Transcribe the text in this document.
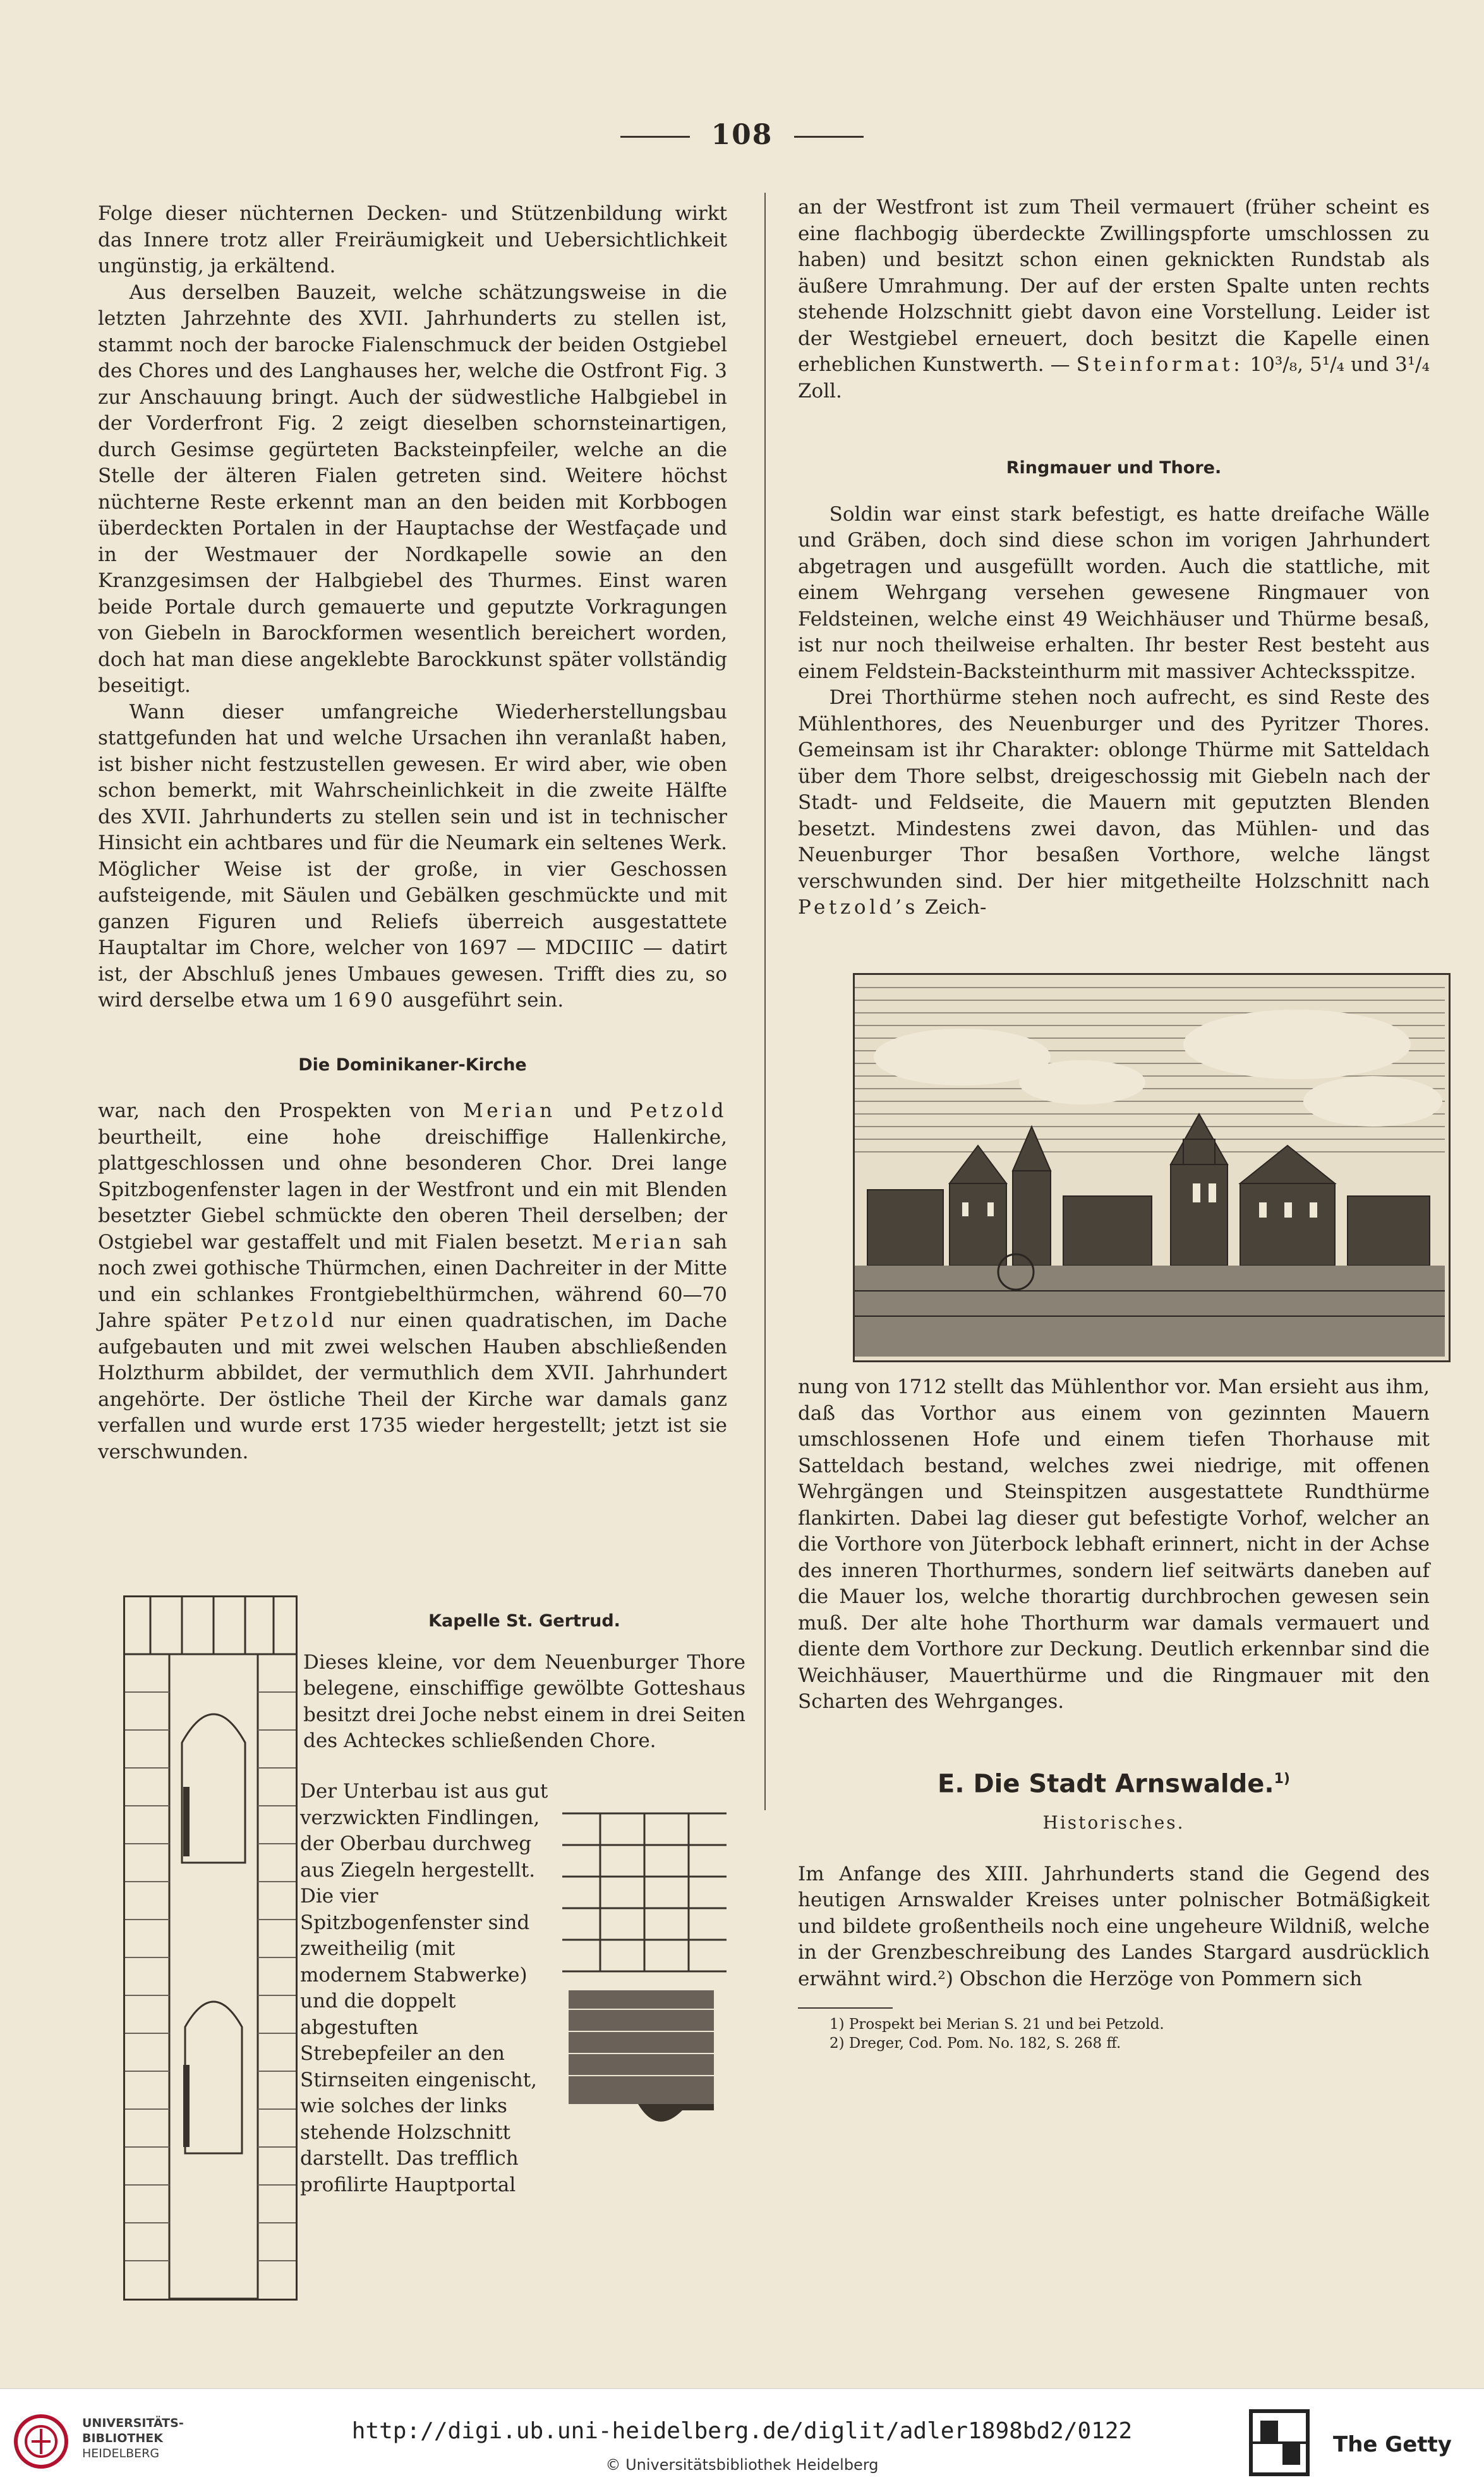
108

Folge dieser nüchternen Decken- und Stützenbildung wirkt das Innere trotz aller Freiräumigkeit und Uebersichtlichkeit ungünstig, ja erkältend.

Aus derselben Bauzeit, welche schätzungsweise in die letzten Jahrzehnte des XVII. Jahrhunderts zu stellen ist, stammt noch der barocke Fialenschmuck der beiden Ostgiebel des Chores und des Langhauses her, welche die Ostfront Fig. 3 zur Anschauung bringt. Auch der südwestliche Halbgiebel in der Vorderfront Fig. 2 zeigt dieselben schornsteinartigen, durch Gesimse gegürteten Backsteinpfeiler, welche an die Stelle der älteren Fialen getreten sind. Weitere höchst nüchterne Reste erkennt man an den beiden mit Korbbogen überdeckten Portalen in der Hauptachse der Westfaçade und in der Westmauer der Nordkapelle sowie an den Kranzgesimsen der Halbgiebel des Thurmes. Einst waren beide Portale durch gemauerte und geputzte Vorkragungen von Giebeln in Barockformen wesentlich bereichert worden, doch hat man diese angeklebte Barockkunst später vollständig beseitigt.

Wann dieser umfangreiche Wiederherstellungsbau stattgefunden hat und welche Ursachen ihn veranlaßt haben, ist bisher nicht festzustellen gewesen. Er wird aber, wie oben schon bemerkt, mit Wahrscheinlichkeit in die zweite Hälfte des XVII. Jahrhunderts zu stellen sein und ist in technischer Hinsicht ein achtbares und für die Neumark ein seltenes Werk. Möglicher Weise ist der große, in vier Geschossen aufsteigende, mit Säulen und Gebälken geschmückte und mit ganzen Figuren und Reliefs überreich ausgestattete Hauptaltar im Chore, welcher von 1697 — MDCIIIC — datirt ist, der Abschluß jenes Umbaues gewesen. Trifft dies zu, so wird derselbe etwa um 1690 ausgeführt sein.

Die Dominikaner-Kirche

war, nach den Prospekten von Merian und Petzold beurtheilt, eine hohe dreischiffige Hallenkirche, plattgeschlossen und ohne besonderen Chor. Drei lange Spitzbogenfenster lagen in der Westfront und ein mit Blenden besetzter Giebel schmückte den oberen Theil derselben; der Ostgiebel war gestaffelt und mit Fialen besetzt. Merian sah noch zwei gothische Thürmchen, einen Dachreiter in der Mitte und ein schlankes Frontgiebelthürmchen, während 60—70 Jahre später Petzold nur einen quadratischen, im Dache aufgebauten und mit zwei welschen Hauben abschließenden Holzthurm abbildet, der vermuthlich dem XVII. Jahrhundert angehörte. Der östliche Theil der Kirche war damals ganz verfallen und wurde erst 1735 wieder hergestellt; jetzt ist sie verschwunden.

Kapelle St. Gertrud.

Dieses kleine, vor dem Neuenburger Thore belegene, einschiffige gewölbte Gotteshaus besitzt drei Joche nebst einem in drei Seiten des Achteckes schließenden Chore.

Der Unterbau ist aus gut verzwickten Findlingen, der Oberbau durchweg aus Ziegeln hergestellt. Die vier Spitzbogenfenster sind zweitheilig (mit modernem Stabwerke) und die doppelt abgestuften Strebepfeiler an den Stirnseiten eingenischt, wie solches der links stehende Holzschnitt darstellt. Das trefflich profilirte Hauptportal

an der Westfront ist zum Theil vermauert (früher scheint es eine flachbogig überdeckte Zwillingspforte umschlossen zu haben) und besitzt schon einen geknickten Rundstab als äußere Umrahmung. Der auf der ersten Spalte unten rechts stehende Holzschnitt giebt davon eine Vorstellung. Leider ist der Westgiebel erneuert, doch besitzt die Kapelle einen erheblichen Kunstwerth. — Steinformat: 10³/₈, 5¹/₄ und 3¹/₄ Zoll.

Ringmauer und Thore.

Soldin war einst stark befestigt, es hatte dreifache Wälle und Gräben, doch sind diese schon im vorigen Jahrhundert abgetragen und ausgefüllt worden. Auch die stattliche, mit einem Wehrgang versehen gewesene Ringmauer von Feldsteinen, welche einst 49 Weichhäuser und Thürme besaß, ist nur noch theilweise erhalten. Ihr bester Rest besteht aus einem Feldstein-Backsteinthurm mit massiver Achtecksspitze.

Drei Thorthürme stehen noch aufrecht, es sind Reste des Mühlenthores, des Neuenburger und des Pyritzer Thores. Gemeinsam ist ihr Charakter: oblonge Thürme mit Satteldach über dem Thore selbst, dreigeschossig mit Giebeln nach der Stadt- und Feldseite, die Mauern mit geputzten Blenden besetzt. Mindestens zwei davon, das Mühlen- und das Neuenburger Thor besaßen Vorthore, welche längst verschwunden sind. Der hier mitgetheilte Holzschnitt nach Petzold’s Zeich-

nung von 1712 stellt das Mühlenthor vor. Man ersieht aus ihm, daß das Vorthor aus einem von gezinnten Mauern umschlossenen Hofe und einem tiefen Thorhause mit Satteldach bestand, welches zwei niedrige, mit offenen Wehrgängen und Steinspitzen ausgestattete Rundthürme flankirten. Dabei lag dieser gut befestigte Vorhof, welcher an die Vorthore von Jüterbock lebhaft erinnert, nicht in der Achse des inneren Thorthurmes, sondern lief seitwärts daneben auf die Mauer los, welche thorartig durchbrochen gewesen sein muß. Der alte hohe Thorthurm war damals vermauert und diente dem Vorthore zur Deckung. Deutlich erkennbar sind die Weichhäuser, Mauerthürme und die Ringmauer mit den Scharten des Wehrganges.

E. Die Stadt Arnswalde.$^{1)}$
Historisches.

Im Anfange des XIII. Jahrhunderts stand die Gegend des heutigen Arnswalder Kreises unter polnischer Botmäßigkeit und bildete großentheils noch eine ungeheure Wildniß, welche in der Grenzbeschreibung des Landes Stargard ausdrücklich erwähnt wird.²) Obschon die Herzöge von Pommern sich

1) Prospekt bei Merian S. 21 und bei Petzold.
2) Dreger, Cod. Pom. No. 182, S. 268 ff.
UNIVERSITÄTS-
BIBLIOTHEK
HEIDELBERG
http://digi.ub.uni-heidelberg.de/diglit/adler1898bd2/0122
© Universitätsbibliothek Heidelberg
The Getty
